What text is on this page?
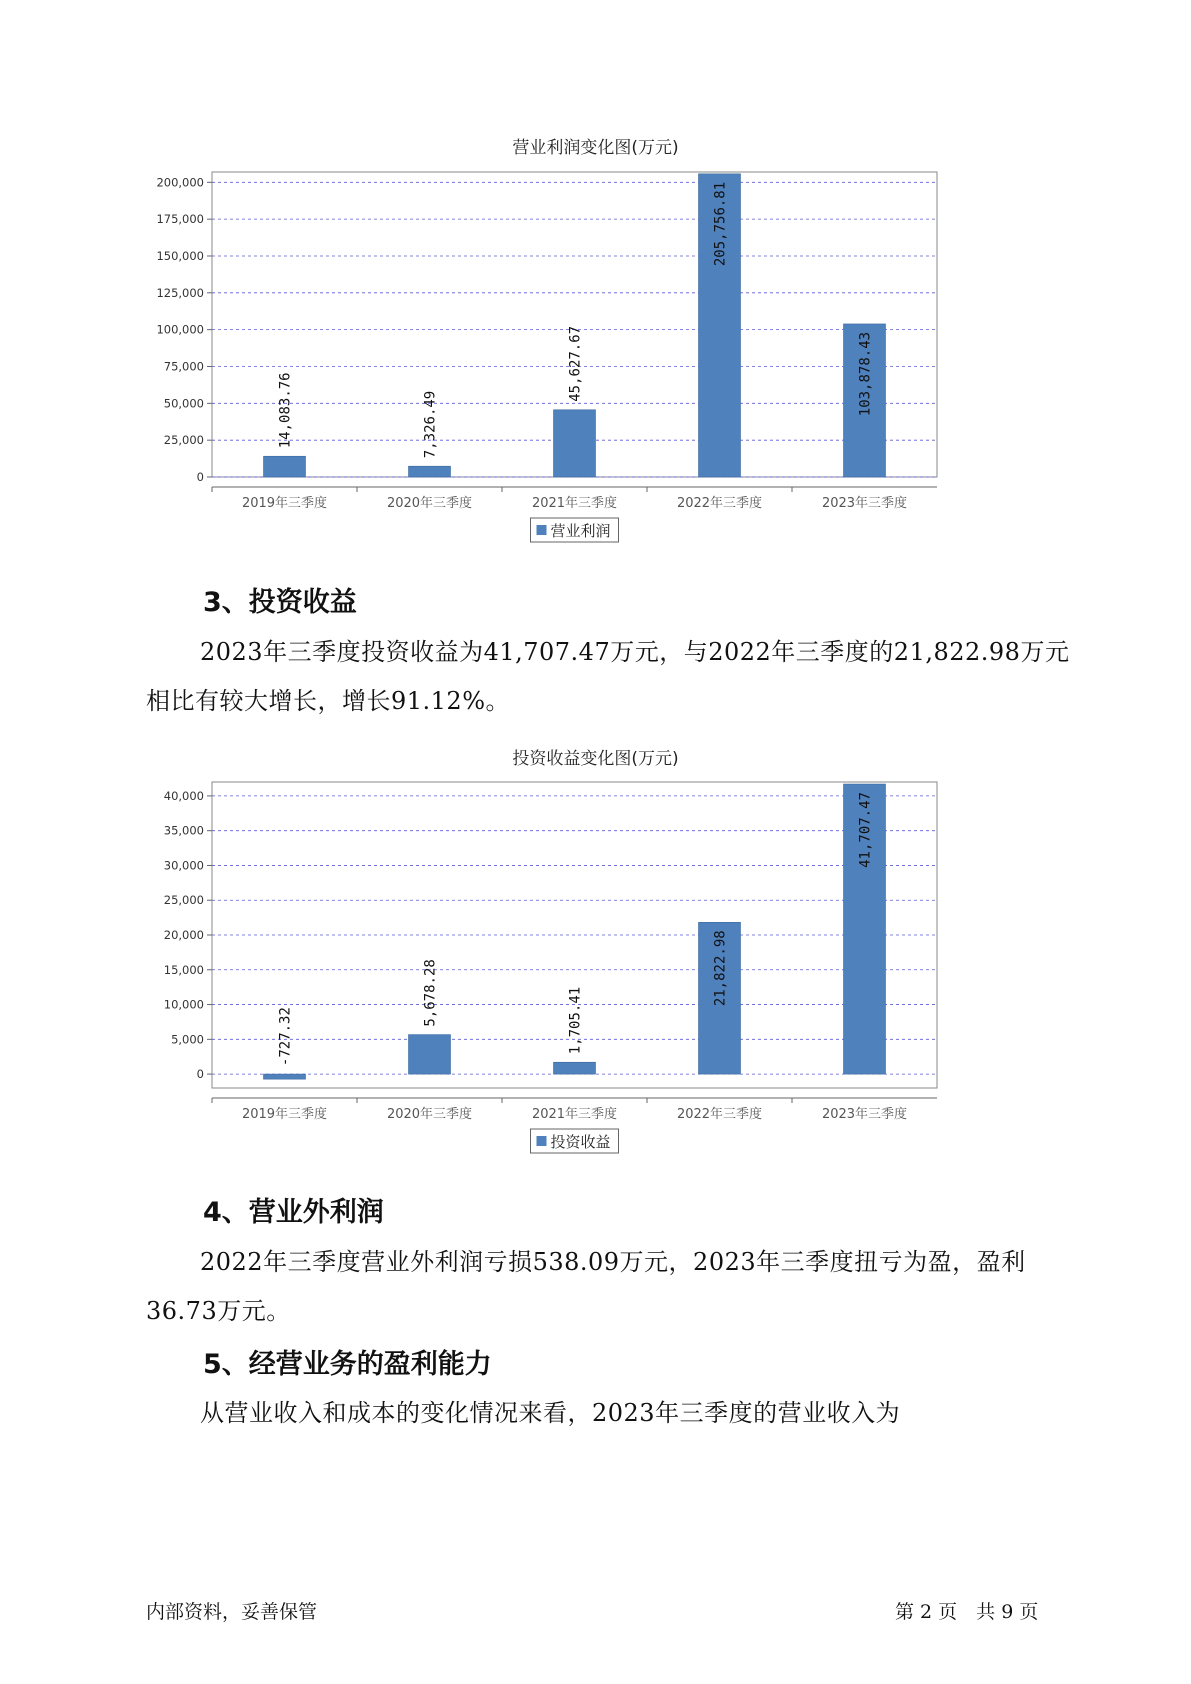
营业利润变化图(万元)
0
25,000
50,000
75,000
100,000
125,000
150,000
175,000
200,000
2019年三季度
14,083.76
2020年三季度
7,326.49
2021年三季度
45,627.67
2022年三季度
205,756.81
2023年三季度
103,878.43
营业利润
3、投资收益
2023年三季度投资收益为41,707.47万元，与2022年三季度的21,822.98万元相比有较大增长，增长91.12%。
投资收益变化图(万元)
0
5,000
10,000
15,000
20,000
25,000
30,000
35,000
40,000
2019年三季度
-727.32
2020年三季度
5,678.28
2021年三季度
1,705.41
2022年三季度
21,822.98
2023年三季度
41,707.47
投资收益
4、营业外利润
2022年三季度营业外利润亏损538.09万元，2023年三季度扭亏为盈，盈利36.73万元。
5、经营业务的盈利能力
从营业收入和成本的变化情况来看，2023年三季度的营业收入为
内部资料，妥善保管	第 2 页　共 9 页
